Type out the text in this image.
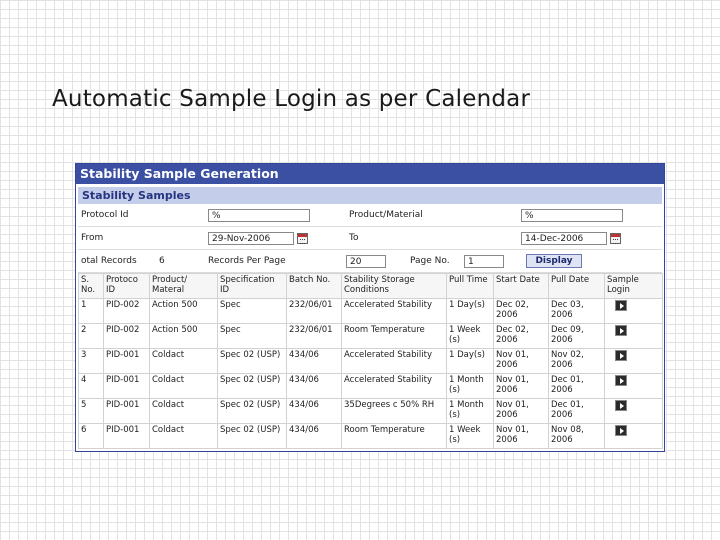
Automatic Sample Login as per Calendar
Stability Sample Generation
Stability Samples
Protocol Id	%	Product/Material	%
From	29-Nov-2006	To	14-Dec-2006
otal Records	6	Records Per Page	20	Page No.	1	Display
S. No.	Protoco ID	Product/ Materal	Specification ID	Batch No.	Stability Storage Conditions	Pull Time	Start Date	Pull Date	Sample Login
1	PID-002	Action 500	Spec	232/06/01	Accelerated Stability	1 Day(s)	Dec 02, 2006	Dec 03, 2006	
2	PID-002	Action 500	Spec	232/06/01	Room Temperature	1 Week (s)	Dec 02, 2006	Dec 09, 2006	
3	PID-001	Coldact	Spec 02 (USP)	434/06	Accelerated Stability	1 Day(s)	Nov 01, 2006	Nov 02, 2006	
4	PID-001	Coldact	Spec 02 (USP)	434/06	Accelerated Stability	1 Month (s)	Nov 01, 2006	Dec 01, 2006	
5	PID-001	Coldact	Spec 02 (USP)	434/06	35Degrees c 50% RH	1 Month (s)	Nov 01, 2006	Dec 01, 2006	
6	PID-001	Coldact	Spec 02 (USP)	434/06	Room Temperature	1 Week (s)	Nov 01, 2006	Nov 08, 2006	
